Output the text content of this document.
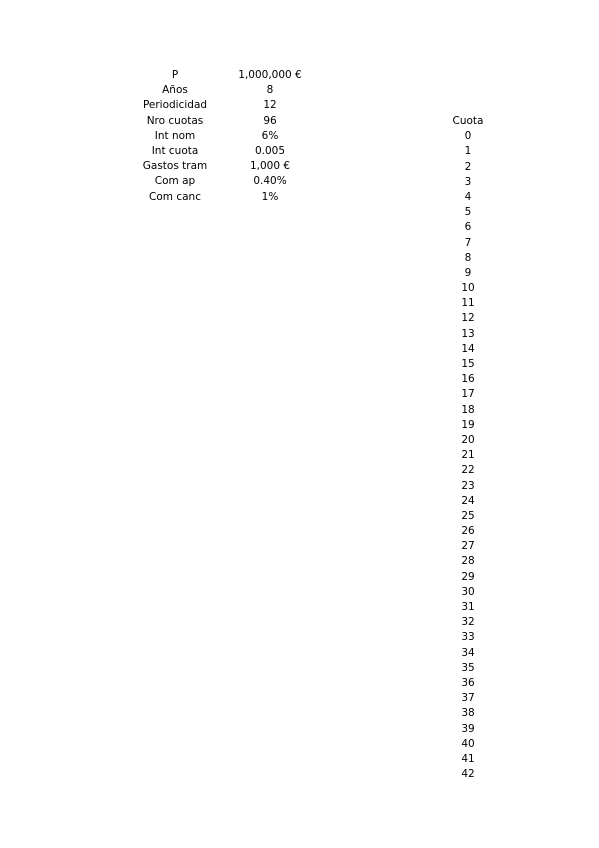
P	1,000,000 €
Años	8
Periodicidad	12
Nro cuotas	96
Int nom	6%
Int cuota	0.005
Gastos tram	1,000 €
Com ap	0.40%
Com canc	1%
Cuota
0
1
2
3
4
5
6
7
8
9
10
11
12
13
14
15
16
17
18
19
20
21
22
23
24
25
26
27
28
29
30
31
32
33
34
35
36
37
38
39
40
41
42
